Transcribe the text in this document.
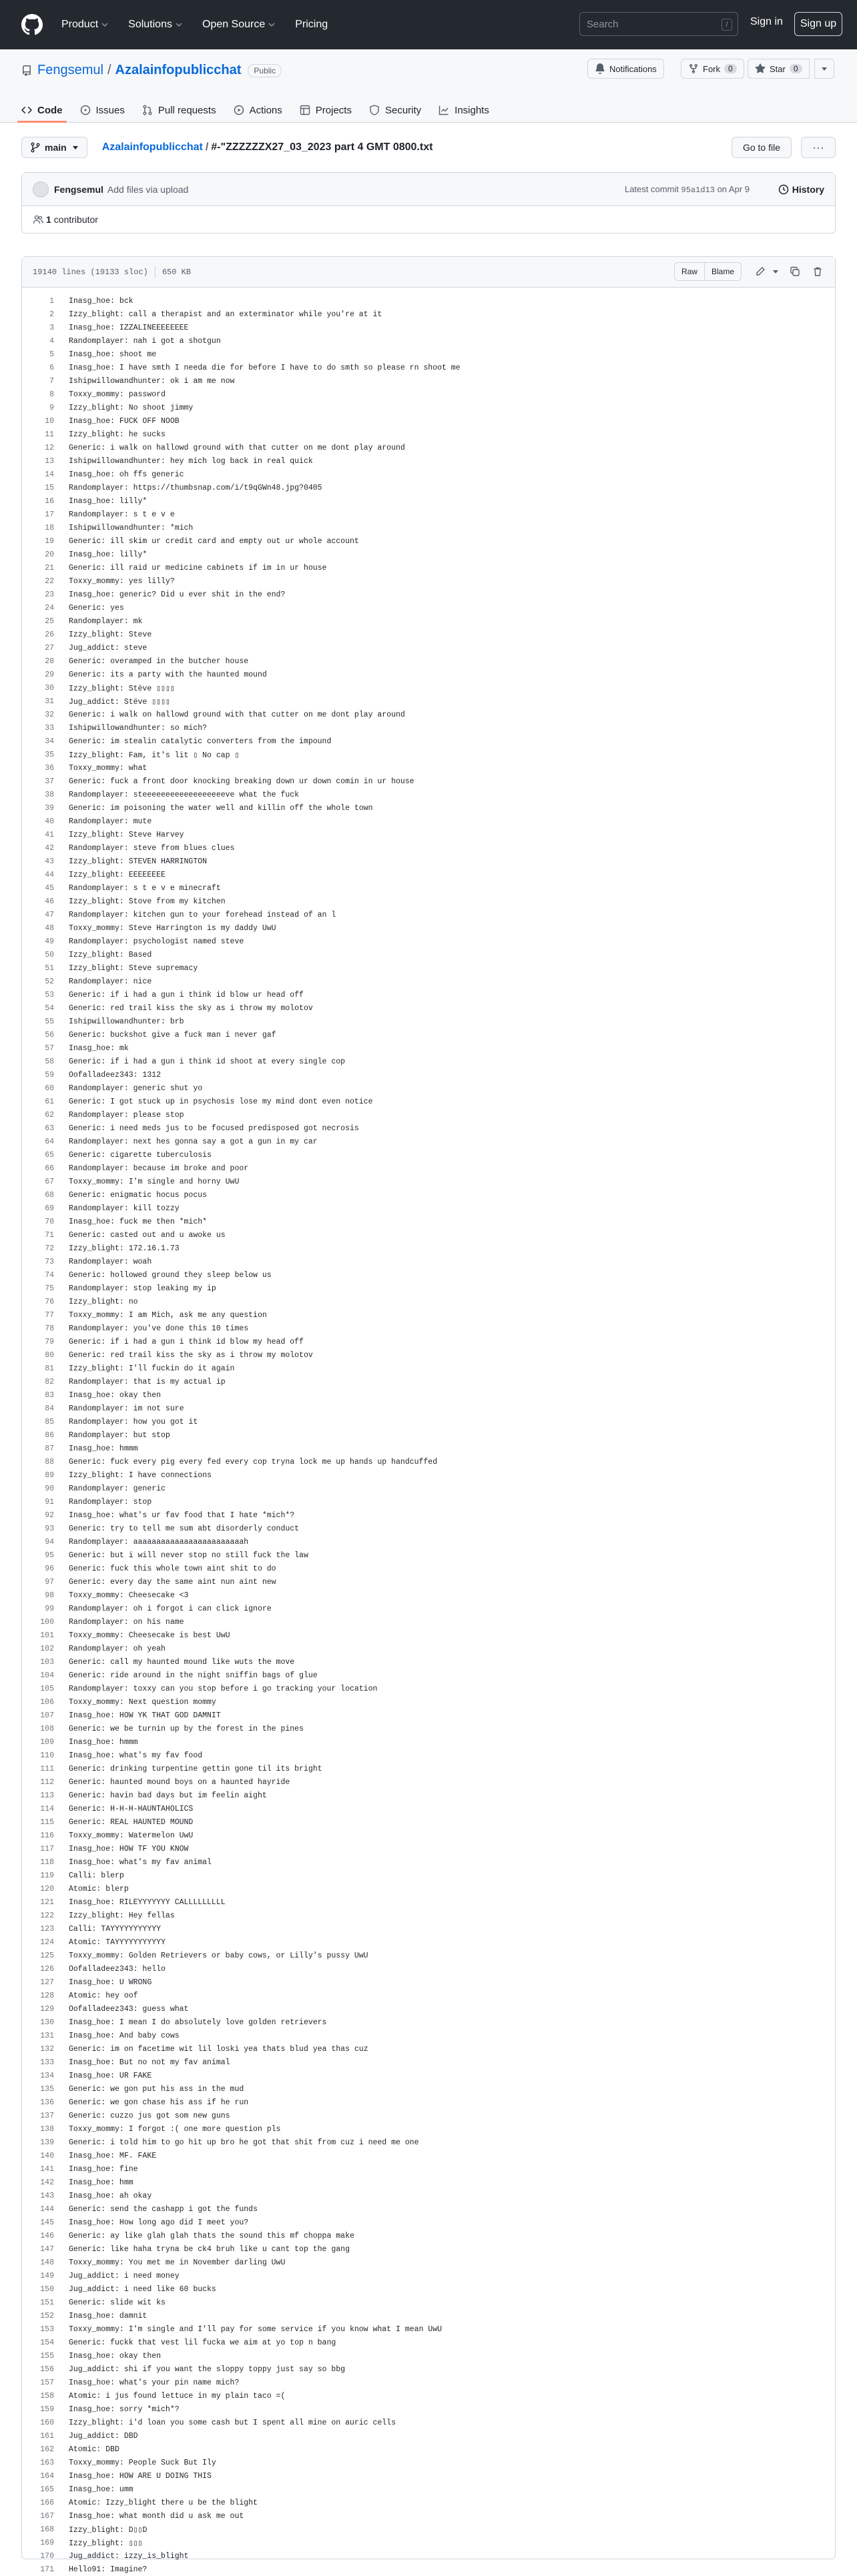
Product	Solutions	Open Source	Pricing	Search	/	Sign in	Sign up
Fengsemul / Azalainfopublicchat	Public	Notifications	Fork	0	Star	0
Code	Issues	Pull requests	Actions	Projects	Security	Insights
main	Azalainfopublicchat / #-"ZZZZZZX27_03_2023 part 4 GMT 0800.txt	Go to file	···
Fengsemul Add files via upload	Latest commit 95a1d13 on Apr 9	History
1 contributor
19140 lines (19133 sloc) 650 KB	Raw	Blame
1	Inasg_hoe: bck
2	Izzy_blight: call a therapist and an exterminator while you're at it
3	Inasg_hoe: IZZALINEEEEEEEE
4	Randomplayer: nah i got a shotgun
5	Inasg_hoe: shoot me
6	Inasg_hoe: I have smth I needa die for before I have to do smth so please rn shoot me
7	Ishipwillowandhunter: ok i am me now
8	Toxxy_mommy: password
9	Izzy_blight: No shoot jimmy
10	Inasg_hoe: FUCK OFF NOOB
11	Izzy_blight: he sucks
12	Generic: i walk on hallowd ground with that cutter on me dont play around
13	Ishipwillowandhunter: hey mich log back in real quick
14	Inasg_hoe: oh ffs generic
15	Randomplayer: https://thumbsnap.com/i/t9qGWn48.jpg?0405
16	Inasg_hoe: lilly*
17	Randomplayer: s t e v e
18	Ishipwillowandhunter: *mich
19	Generic: ill skim ur credit card and empty out ur whole account
20	Inasg_hoe: lilly*
21	Generic: ill raid ur medicine cabinets if im in ur house
22	Toxxy_mommy: yes lilly?
23	Inasg_hoe: generic? Did u ever shit in the end?
24	Generic: yes
25	Randomplayer: mk
26	Izzy_blight: Steve
27	Jug_addict: steve
28	Generic: overamped in the butcher house
29	Generic: its a party with the haunted mound
30	Izzy_blight: Stëve ▯▯▯▯
31	Jug_addict: Stëve ▯▯▯▯
32	Generic: i walk on hallowd ground with that cutter on me dont play around
33	Ishipwillowandhunter: so mich?
34	Generic: im stealin catalytic converters from the impound
35	Izzy_blight: Fam, it's lit ▯ No cap ▯
36	Toxxy_mommy: what
37	Generic: fuck a front door knocking breaking down ur down comin in ur house
38	Randomplayer: steeeeeeeeeeeeeeeeeeve what the fuck
39	Generic: im poisoning the water well and killin off the whole town
40	Randomplayer: mute
41	Izzy_blight: Steve Harvey
42	Randomplayer: steve from blues clues
43	Izzy_blight: STEVEN HARRINGTON
44	Izzy_blight: EEEEEEEE
45	Randomplayer: s t e v e minecraft
46	Izzy_blight: Stove from my kitchen
47	Randomplayer: kitchen gun to your forehead instead of an l
48	Toxxy_mommy: Steve Harrington is my daddy UwU
49	Randomplayer: psychologist named steve
50	Izzy_blight: Based
51	Izzy_blight: Steve supremacy
52	Randomplayer: nice
53	Generic: if i had a gun i think id blow ur head off
54	Generic: red trail kiss the sky as i throw my molotov
55	Ishipwillowandhunter: brb
56	Generic: buckshot give a fuck man i never gaf
57	Inasg_hoe: mk
58	Generic: if i had a gun i think id shoot at every single cop
59	Oofalladeez343: 1312
60	Randomplayer: generic shut yo
61	Generic: I got stuck up in psychosis lose my mind dont even notice
62	Randomplayer: please stop
63	Generic: i need meds jus to be focused predisposed got necrosis
64	Randomplayer: next hes gonna say a got a gun in my car
65	Generic: cigarette tuberculosis
66	Randomplayer: because im broke and poor
67	Toxxy_mommy: I'm single and horny UwU
68	Generic: enigmatic hocus pocus
69	Randomplayer: kill tozzy
70	Inasg_hoe: fuck me then *mich*
71	Generic: casted out and u awoke us
72	Izzy_blight: 172.16.1.73
73	Randomplayer: woah
74	Generic: hollowed ground they sleep below us
75	Randomplayer: stop leaking my ip
76	Izzy_blight: no
77	Toxxy_mommy: I am Mich, ask me any question
78	Randomplayer: you've done this 10 times
79	Generic: if i had a gun i think id blow my head off
80	Generic: red trail kiss the sky as i throw my molotov
81	Izzy_blight: I'll fuckin do it again
82	Randomplayer: that is my actual ip
83	Inasg_hoe: okay then
84	Randomplayer: im not sure
85	Randomplayer: how you got it
86	Randomplayer: but stop
87	Inasg_hoe: hmmm
88	Generic: fuck every pig every fed every cop tryna lock me up hands up handcuffed
89	Izzy_blight: I have connections
90	Randomplayer: generic
91	Randomplayer: stop
92	Inasg_hoe: what's ur fav food that I hate *mich*?
93	Generic: try to tell me sum abt disorderly conduct
94	Randomplayer: aaaaaaaaaaaaaaaaaaaaaaaah
95	Generic: but i will never stop no still fuck the law
96	Generic: fuck this whole town aint shit to do
97	Generic: every day the same aint nun aint new
98	Toxxy_mommy: Cheesecake <3
99	Randomplayer: oh i forgot i can click ignore
100	Randomplayer: on his name
101	Toxxy_mommy: Cheesecake is best UwU
102	Randomplayer: oh yeah
103	Generic: call my haunted mound like wuts the move
104	Generic: ride around in the night sniffin bags of glue
105	Randomplayer: toxxy can you stop before i go tracking your location
106	Toxxy_mommy: Next question mommy
107	Inasg_hoe: HOW YK THAT GOD DAMNIT
108	Generic: we be turnin up by the forest in the pines
109	Inasg_hoe: hmmm
110	Inasg_hoe: what's my fav food
111	Generic: drinking turpentine gettin gone til its bright
112	Generic: haunted mound boys on a haunted hayride
113	Generic: havin bad days but im feelin aight
114	Generic: H-H-H-HAUNTAHOLICS
115	Generic: REAL HAUNTED MOUND
116	Toxxy_mommy: Watermelon UwU
117	Inasg_hoe: HOW TF YOU KNOW
118	Inasg_hoe: what's my fav animal
119	Calli: blerp
120	Atomic: blerp
121	Inasg_hoe: RILEYYYYYYY CALLLLLLLLL
122	Izzy_blight: Hey fellas
123	Calli: TAYYYYYYYYYYY
124	Atomic: TAYYYYYYYYYYY
125	Toxxy_mommy: Golden Retrievers or baby cows, or Lilly's pussy UwU
126	Oofalladeez343: hello
127	Inasg_hoe: U WRONG
128	Atomic: hey oof
129	Oofalladeez343: guess what
130	Inasg_hoe: I mean I do absolutely love golden retrievers
131	Inasg_hoe: And baby cows
132	Generic: im on facetime wit lil loski yea thats blud yea thas cuz
133	Inasg_hoe: But no not my fav animal
134	Inasg_hoe: UR FAKE
135	Generic: we gon put his ass in the mud
136	Generic: we gon chase his ass if he run
137	Generic: cuzzo jus got som new guns
138	Toxxy_mommy: I forgot :( one more question pls
139	Generic: i told him to go hit up bro he got that shit from cuz i need me one
140	Inasg_hoe: MF. FAKE
141	Inasg_hoe: fine
142	Inasg_hoe: hmm
143	Inasg_hoe: ah okay
144	Generic: send the cashapp i got the funds
145	Inasg_hoe: How long ago did I meet you?
146	Generic: ay like glah glah thats the sound this mf choppa make
147	Generic: like haha tryna be ck4 bruh like u cant top the gang
148	Toxxy_mommy: You met me in November darling UwU
149	Jug_addict: i need money
150	Jug_addict: i need like 60 bucks
151	Generic: slide wit ks
152	Inasg_hoe: damnit
153	Toxxy_mommy: I'm single and I'll pay for some service if you know what I mean UwU
154	Generic: fuckk that vest lil fucka we aim at yo top n bang
155	Inasg_hoe: okay then
156	Jug_addict: shi if you want the sloppy toppy just say so bbg
157	Inasg_hoe: what's your pin name mich?
158	Atomic: i jus found lettuce in my plain taco =(
159	Inasg_hoe: sorry *mich*?
160	Izzy_blight: i'd loan you some cash but I spent all mine on auric cells
161	Jug_addict: DBD
162	Atomic: DBD
163	Toxxy_mommy: People Suck But Ily
164	Inasg_hoe: HOW ARE U DOING THIS
165	Inasg_hoe: umm
166	Atomic: Izzy_blight there u be the blight
167	Inasg_hoe: what month did u ask me out
168	Izzy_blight: D▯▯D
169	Izzy_blight: ▯▯▯
170	Jug_addict: izzy_is_blight
171	Hello91: Imagine?
